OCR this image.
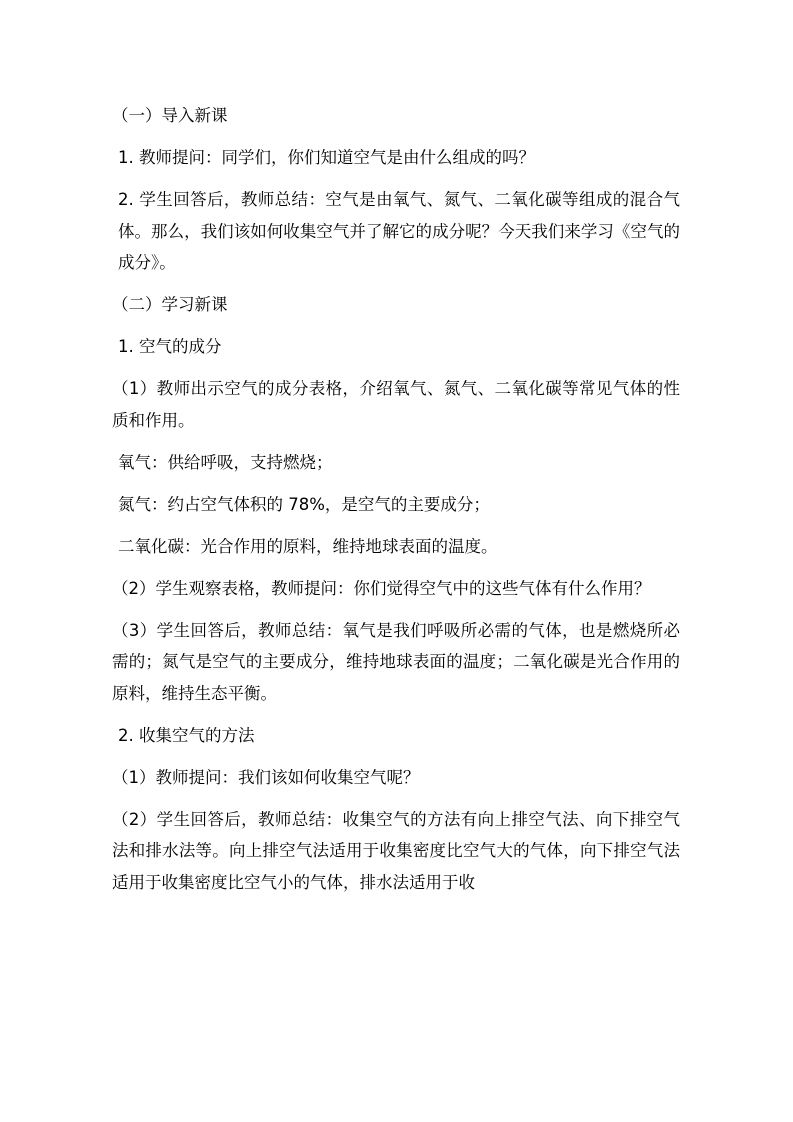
（一）导入新课

1. 教师提问：同学们，你们知道空气是由什么组成的吗？

2. 学生回答后，教师总结：空气是由氧气、氮气、二氧化碳等组成的混合气体。那么，我们该如何收集空气并了解它的成分呢？今天我们来学习《空气的成分》。

（二）学习新课

1. 空气的成分

（1）教师出示空气的成分表格，介绍氧气、氮气、二氧化碳等常见气体的性质和作用。

氧气：供给呼吸，支持燃烧；

氮气：约占空气体积的 78%，是空气的主要成分；

二氧化碳：光合作用的原料，维持地球表面的温度。

（2）学生观察表格，教师提问：你们觉得空气中的这些气体有什么作用？

（3）学生回答后，教师总结：氧气是我们呼吸所必需的气体，也是燃烧所必需的；氮气是空气的主要成分，维持地球表面的温度；二氧化碳是光合作用的原料，维持生态平衡。

2. 收集空气的方法

（1）教师提问：我们该如何收集空气呢？

（2）学生回答后，教师总结：收集空气的方法有向上排空气法、向下排空气法和排水法等。向上排空气法适用于收集密度比空气大的气体，向下排空气法适用于收集密度比空气小的气体，排水法适用于收
